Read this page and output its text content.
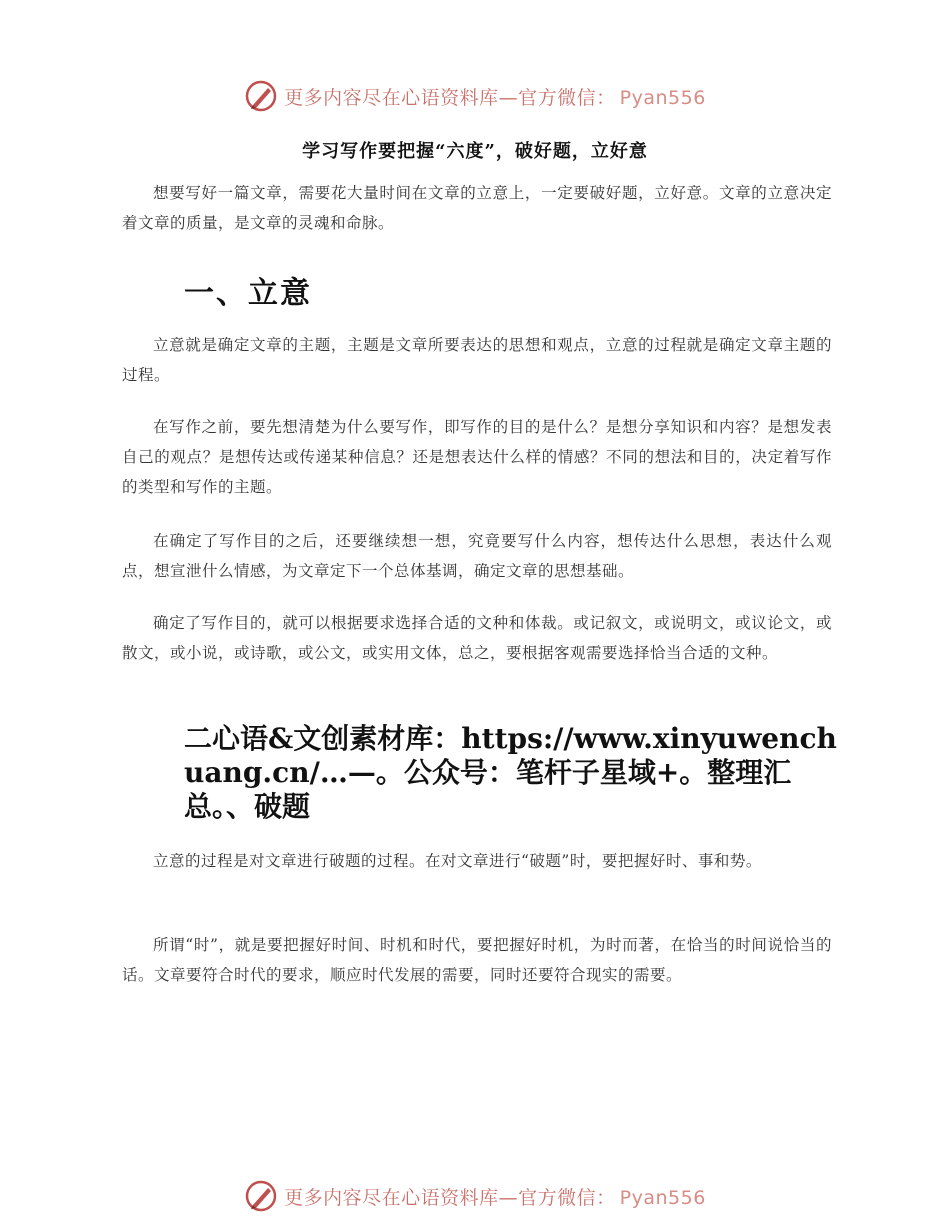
更多内容尽在心语资料库—官方微信： Pyan556
学习写作要把握“六度”，破好题，立好意

想要写好一篇文章，需要花大量时间在文章的立意上，一定要破好题，立好意。文章的立意决定着文章的质量，是文章的灵魂和命脉。

一、立意

立意就是确定文章的主题，主题是文章所要表达的思想和观点，立意的过程就是确定文章主题的过程。

在写作之前，要先想清楚为什么要写作，即写作的目的是什么？是想分享知识和内容？是想发表自己的观点？是想传达或传递某种信息？还是想表达什么样的情感？不同的想法和目的，决定着写作的类型和写作的主题。

在确定了写作目的之后，还要继续想一想，究竟要写什么内容，想传达什么思想，表达什么观点，想宣泄什么情感，为文章定下一个总体基调，确定文章的思想基础。

确定了写作目的，就可以根据要求选择合适的文种和体裁。或记叙文，或说明文，或议论文，或散文，或小说，或诗歌，或公文，或实用文体，总之，要根据客观需要选择恰当合适的文种。

二心语&文创素材库：https://www.xinyuwenchuang.cn/…—。公众号：笔杆子星域+。整理汇总。、破题

立意的过程是对文章进行破题的过程。在对文章进行“破题”时，要把握好时、事和势。

所谓“时”，就是要把握好时间、时机和时代，要把握好时机，为时而著，在恰当的时间说恰当的话。文章要符合时代的要求，顺应时代发展的需要，同时还要符合现实的需要。

更多内容尽在心语资料库—官方微信： Pyan556
